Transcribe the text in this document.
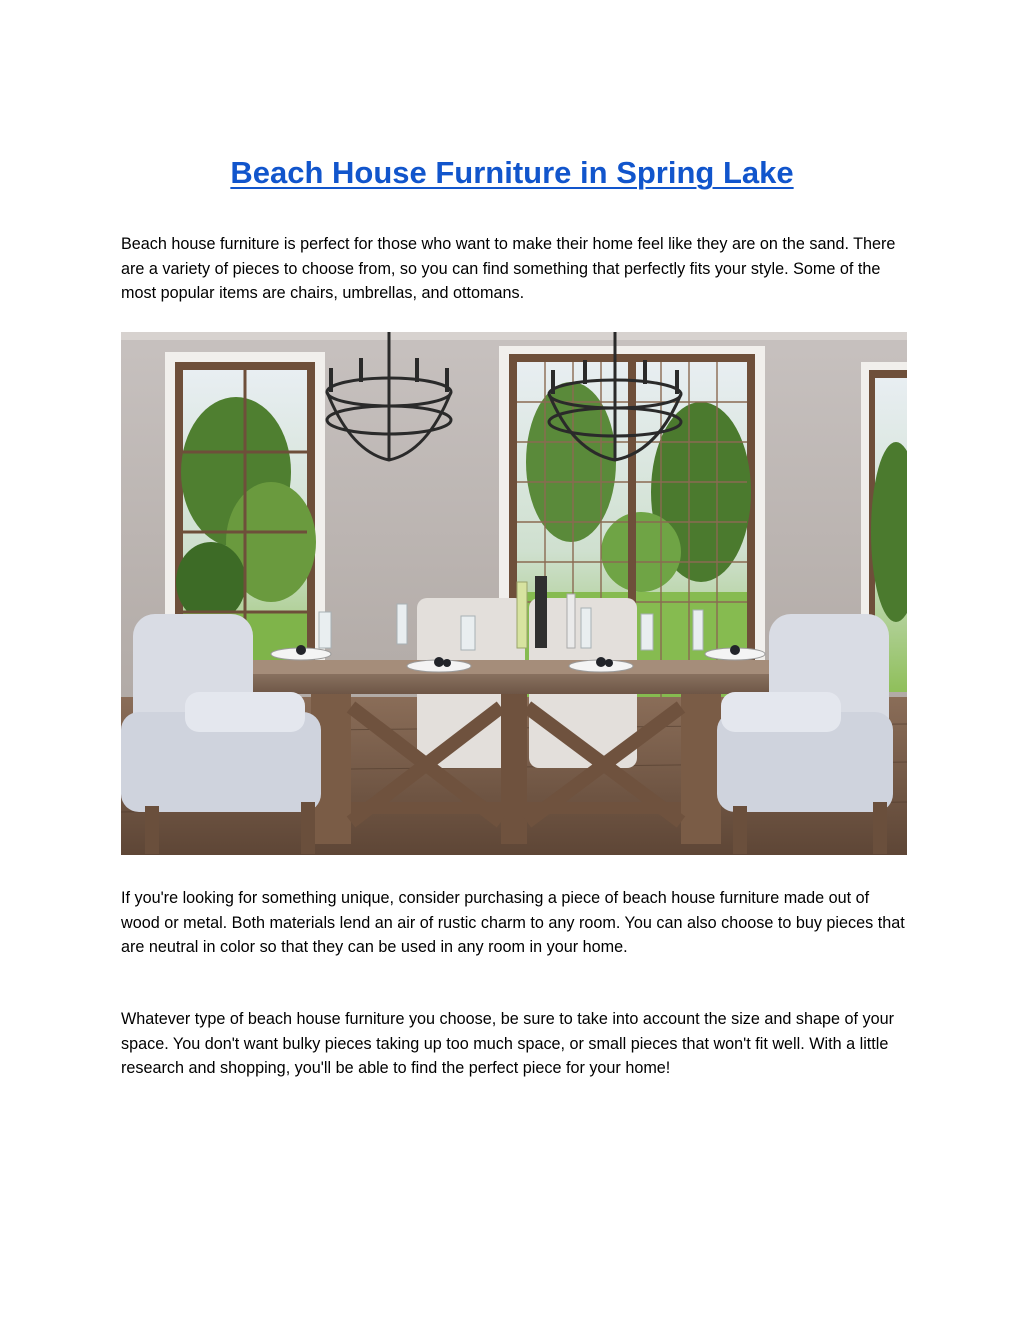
Beach House Furniture in Spring Lake

Beach house furniture is perfect for those who want to make their home feel like they are on the sand. There are a variety of pieces to choose from, so you can find something that perfectly fits your style. Some of the most popular items are chairs, umbrellas, and ottomans.

If you're looking for something unique, consider purchasing a piece of beach house furniture made out of wood or metal. Both materials lend an air of rustic charm to any room. You can also choose to buy pieces that are neutral in color so that they can be used in any room in your home.

Whatever type of beach house furniture you choose, be sure to take into account the size and shape of your space. You don't want bulky pieces taking up too much space, or small pieces that won't fit well. With a little research and shopping, you'll be able to find the perfect piece for your home!
